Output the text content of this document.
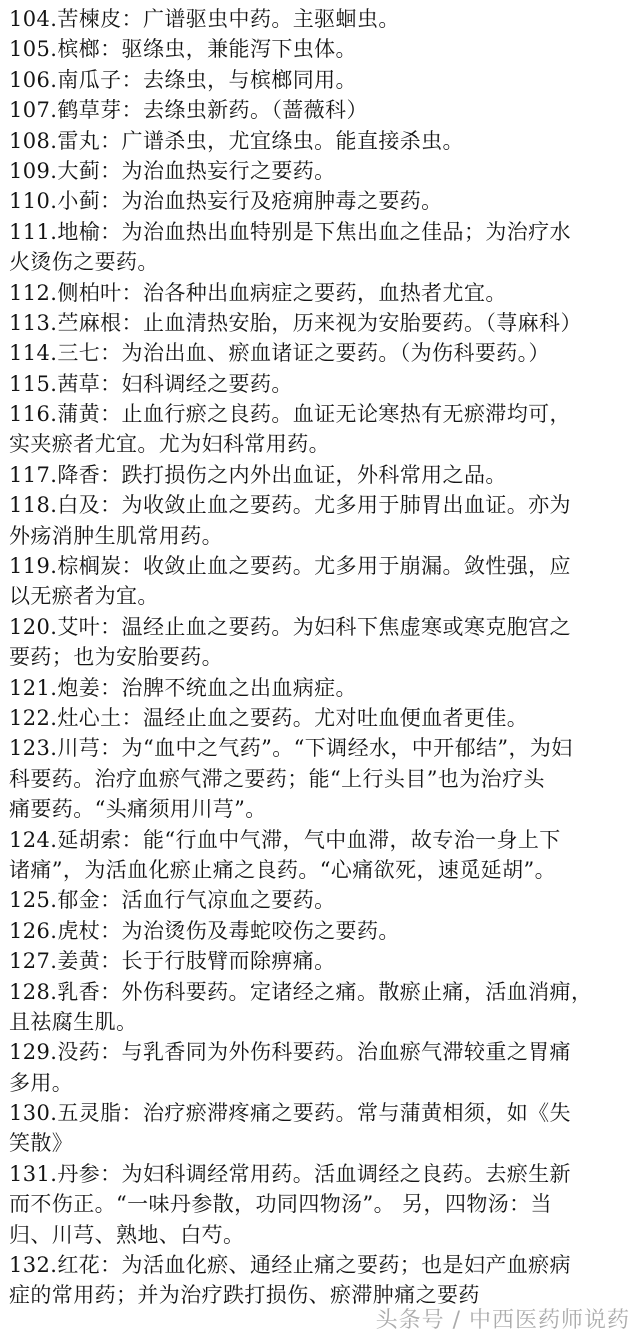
104.苦楝皮：广谱驱虫中药。主驱蛔虫。
105.槟榔：驱绦虫，兼能泻下虫体。
106.南瓜子：去绦虫，与槟榔同用。
107.鹤草芽：去绦虫新药。（蔷薇科）
108.雷丸：广谱杀虫，尤宜绦虫。能直接杀虫。
109.大蓟：为治血热妄行之要药。
110.小蓟：为治血热妄行及疮痈肿毒之要药。
111.地榆：为治血热出血特别是下焦出血之佳品；为治疗水
火烫伤之要药。
112.侧柏叶：治各种出血病症之要药，血热者尤宜。
113.苎麻根：止血清热安胎，历来视为安胎要药。（荨麻科）
114.三七：为治出血、瘀血诸证之要药。（为伤科要药。）
115.茜草：妇科调经之要药。
116.蒲黄：止血行瘀之良药。血证无论寒热有无瘀滞均可，
实夹瘀者尤宜。尤为妇科常用药。
117.降香：跌打损伤之内外出血证，外科常用之品。
118.白及：为收敛止血之要药。尤多用于肺胃出血证。亦为
外疡消肿生肌常用药。
119.棕榈炭：收敛止血之要药。尤多用于崩漏。敛性强，应
以无瘀者为宜。
120.艾叶：温经止血之要药。为妇科下焦虚寒或寒克胞宫之
要药；也为安胎要药。
121.炮姜：治脾不统血之出血病症。
122.灶心土：温经止血之要药。尤对吐血便血者更佳。
123.川芎：为“血中之气药”。“下调经水，中开郁结”，为妇
科要药。治疗血瘀气滞之要药；能“上行头目”也为治疗头
痛要药。“头痛须用川芎”。
124.延胡索：能“行血中气滞，气中血滞，故专治一身上下
诸痛”，为活血化瘀止痛之良药。“心痛欲死，速觅延胡”。
125.郁金：活血行气凉血之要药。
126.虎杖：为治烫伤及毒蛇咬伤之要药。
127.姜黄：长于行肢臂而除痹痛。
128.乳香：外伤科要药。定诸经之痛。散瘀止痛，活血消痈，
且祛腐生肌。
129.没药：与乳香同为外伤科要药。治血瘀气滞较重之胃痛
多用。
130.五灵脂：治疗瘀滞疼痛之要药。常与蒲黄相须，如《失
笑散》
131.丹参：为妇科调经常用药。活血调经之良药。去瘀生新
而不伤正。“一味丹参散，功同四物汤”。 另，四物汤：当
归、川芎、熟地、白芍。
132.红花：为活血化瘀、通经止痛之要药；也是妇产血瘀病
症的常用药；并为治疗跌打损伤、瘀滞肿痛之要药
头条号 / 中西医药师说药
